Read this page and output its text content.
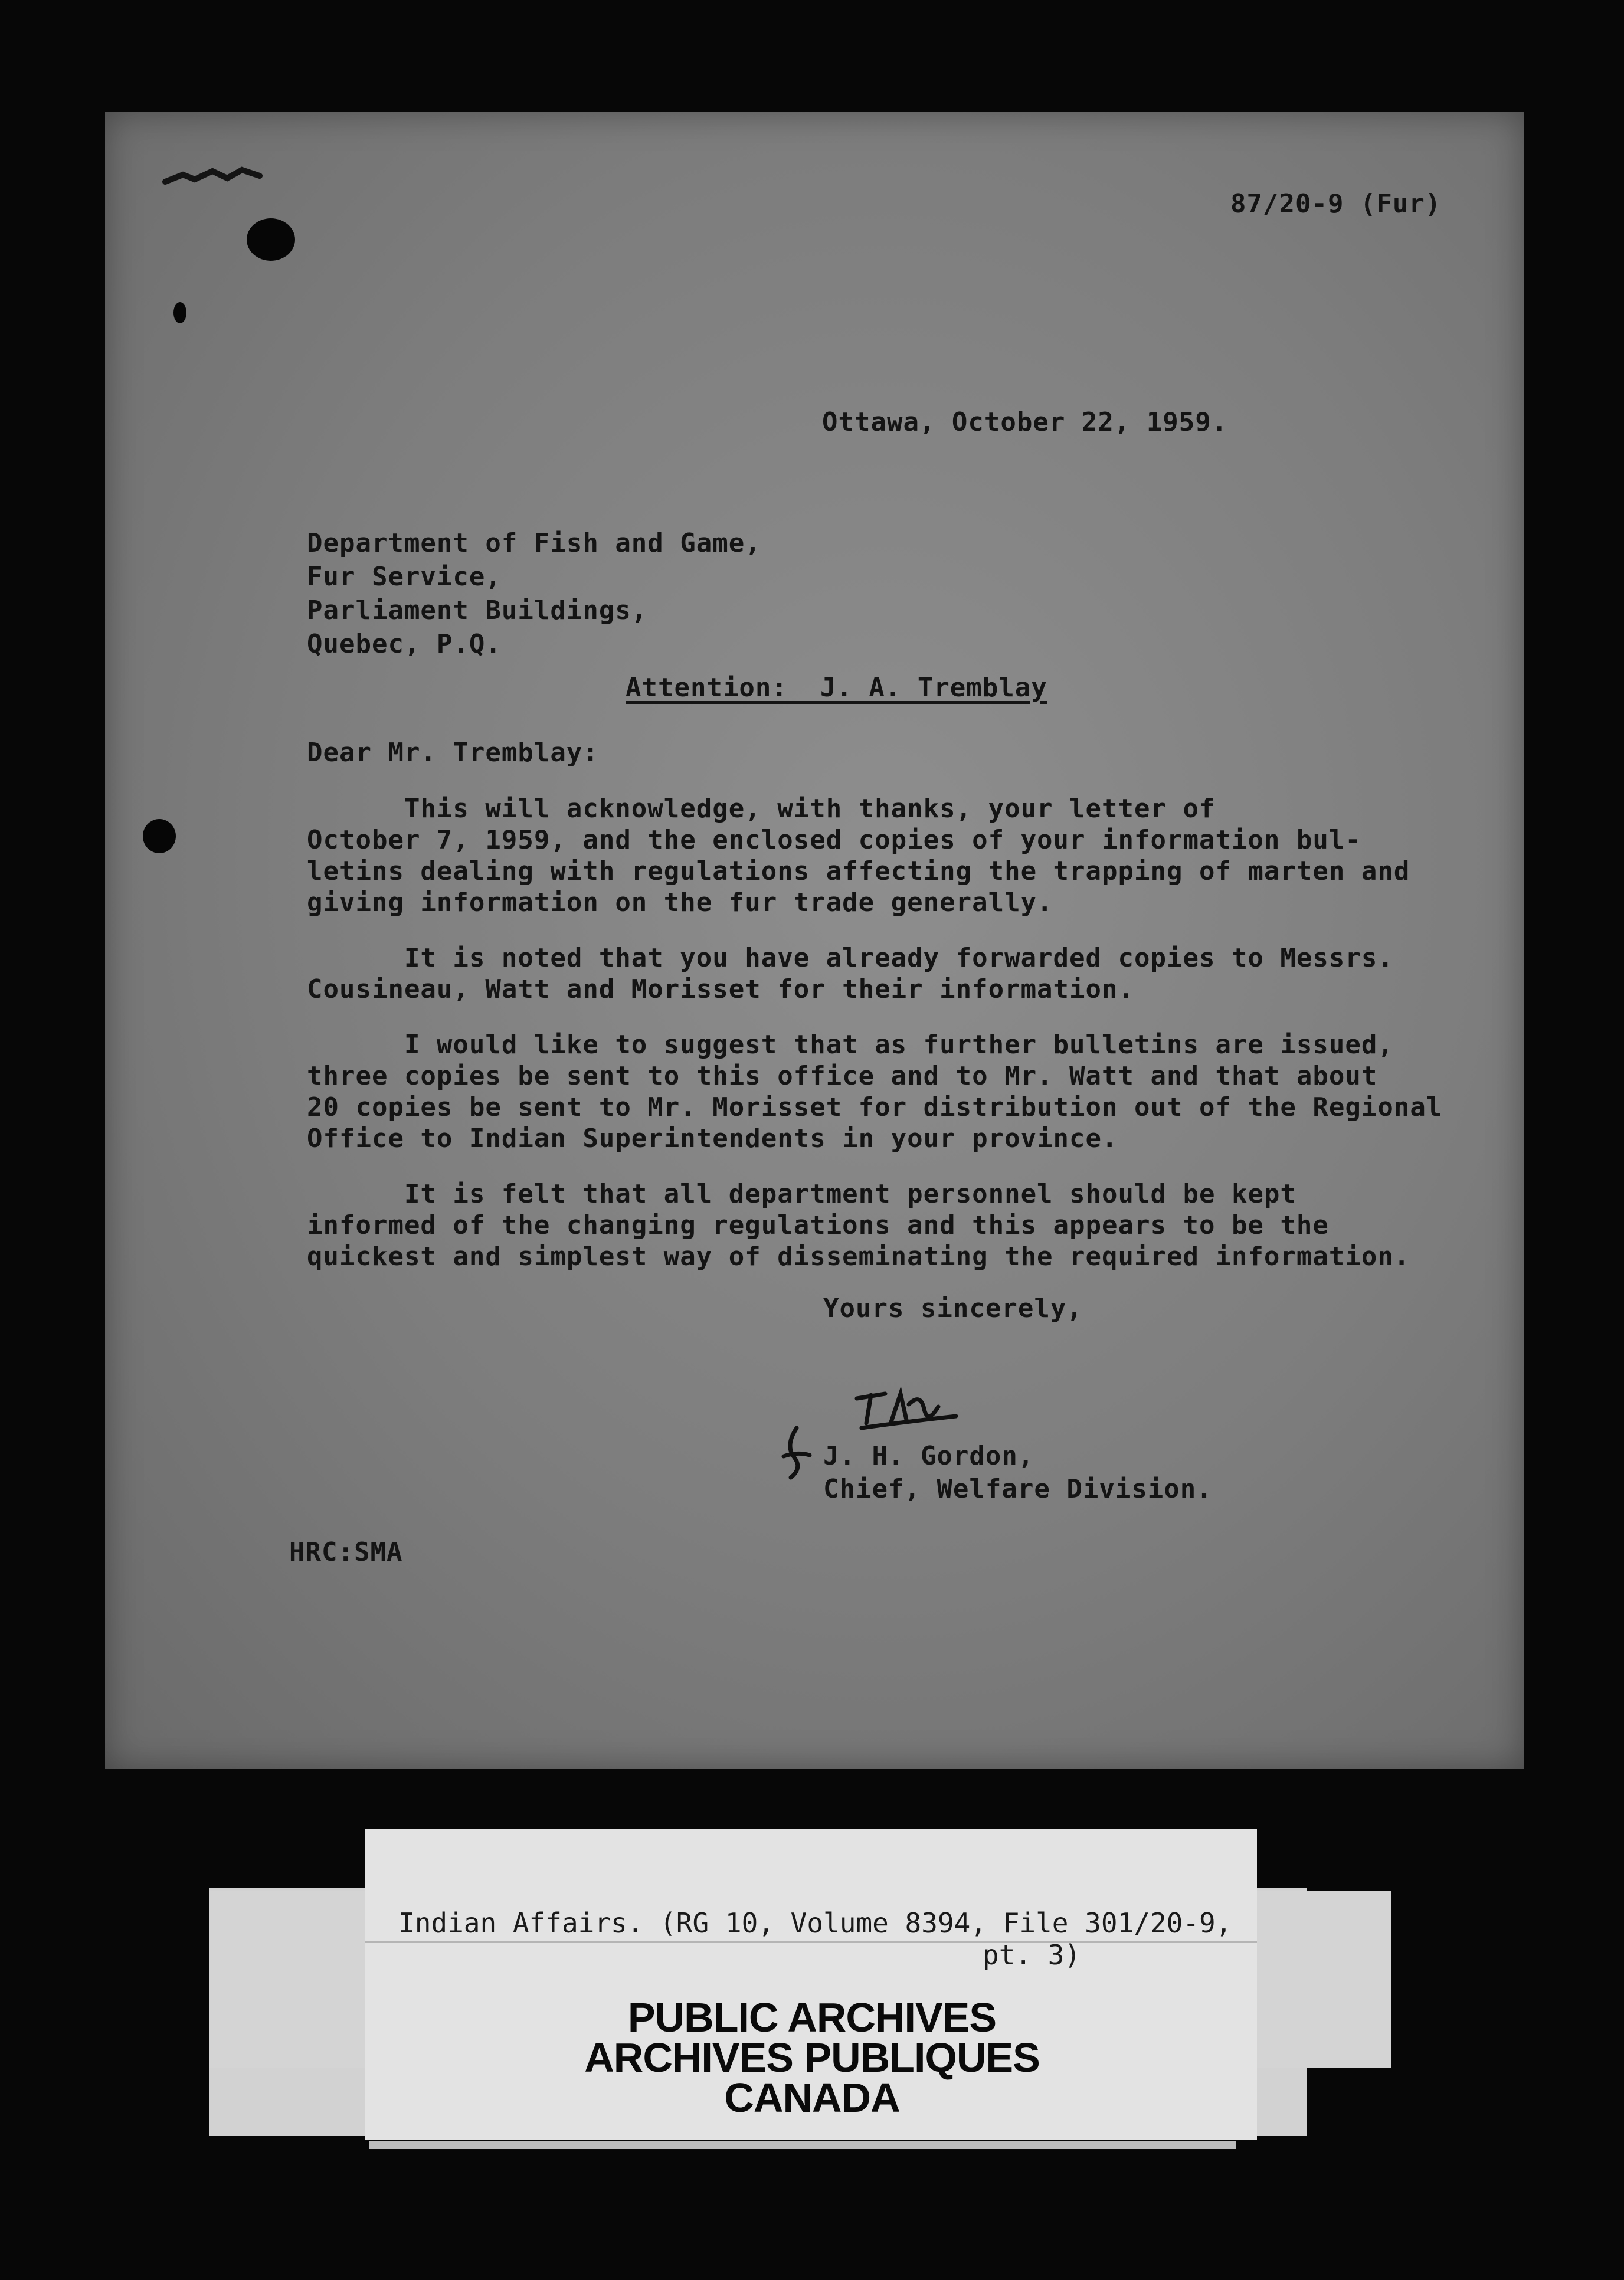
87/20-9 (Fur)
Ottawa, October 22, 1959.
Department of Fish and Game,
Fur Service,
Parliament Buildings,
Quebec, P.Q.
Attention:  J. A. Tremblay
Dear Mr. Tremblay:
This will acknowledge, with thanks, your letter of
October 7, 1959, and the enclosed copies of your information bul-
letins dealing with regulations affecting the trapping of marten and
giving information on the fur trade generally.
It is noted that you have already forwarded copies to Messrs.
Cousineau, Watt and Morisset for their information.
I would like to suggest that as further bulletins are issued,
three copies be sent to this office and to Mr. Watt and that about
20 copies be sent to Mr. Morisset for distribution out of the Regional
Office to Indian Superintendents in your province.
It is felt that all department personnel should be kept
informed of the changing regulations and this appears to be the
quickest and simplest way of disseminating the required information.
Yours sincerely,
J. H. Gordon,
Chief, Welfare Division.
HRC:SMA
Indian Affairs. (RG 10, Volume 8394, File 301/20-9,
pt. 3)
PUBLIC ARCHIVES
ARCHIVES PUBLIQUES
CANADA
